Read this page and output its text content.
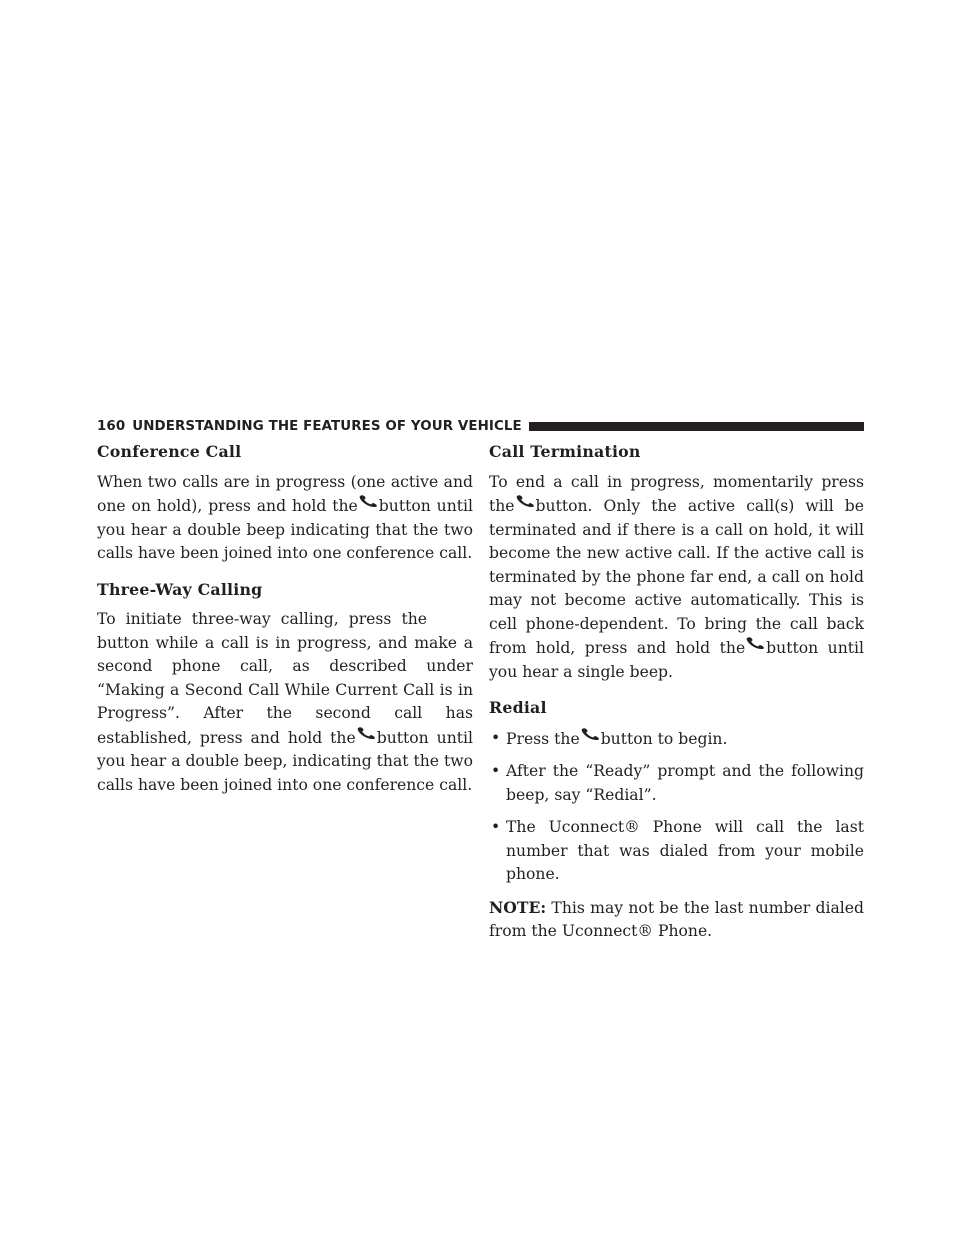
160 UNDERSTANDING THE FEATURES OF YOUR VEHICLE
Conference Call

When two calls are in progress (one active and one on hold), press and hold the button until you hear a double beep indicating that the two calls have been joined into one conference call.

Three-Way Calling

To initiate three-way calling, press thebutton while a call is in progress, and make a second phone call, as described under “Making a Second Call While Current Call is in Progress”. After the second call has established, press and hold the button until you hear a double beep, indicating that the two calls have been joined into one conference call.

Call Termination

To end a call in progress, momentarily press the button. Only the active call(s) will be terminated and if there is a call on hold, it will become the new active call. If the active call is terminated by the phone far end, a call on hold may not become active automatically. This is cell phone-dependent. To bring the call back from hold, press and hold the button until you hear a single beep.

Redial
• Press the button to begin.
• After the “Ready” prompt and the following beep, say “Redial”.
• The Uconnect® Phone will call the last number that was dialed from your mobile phone.

NOTE: This may not be the last number dialed from the Uconnect® Phone.
